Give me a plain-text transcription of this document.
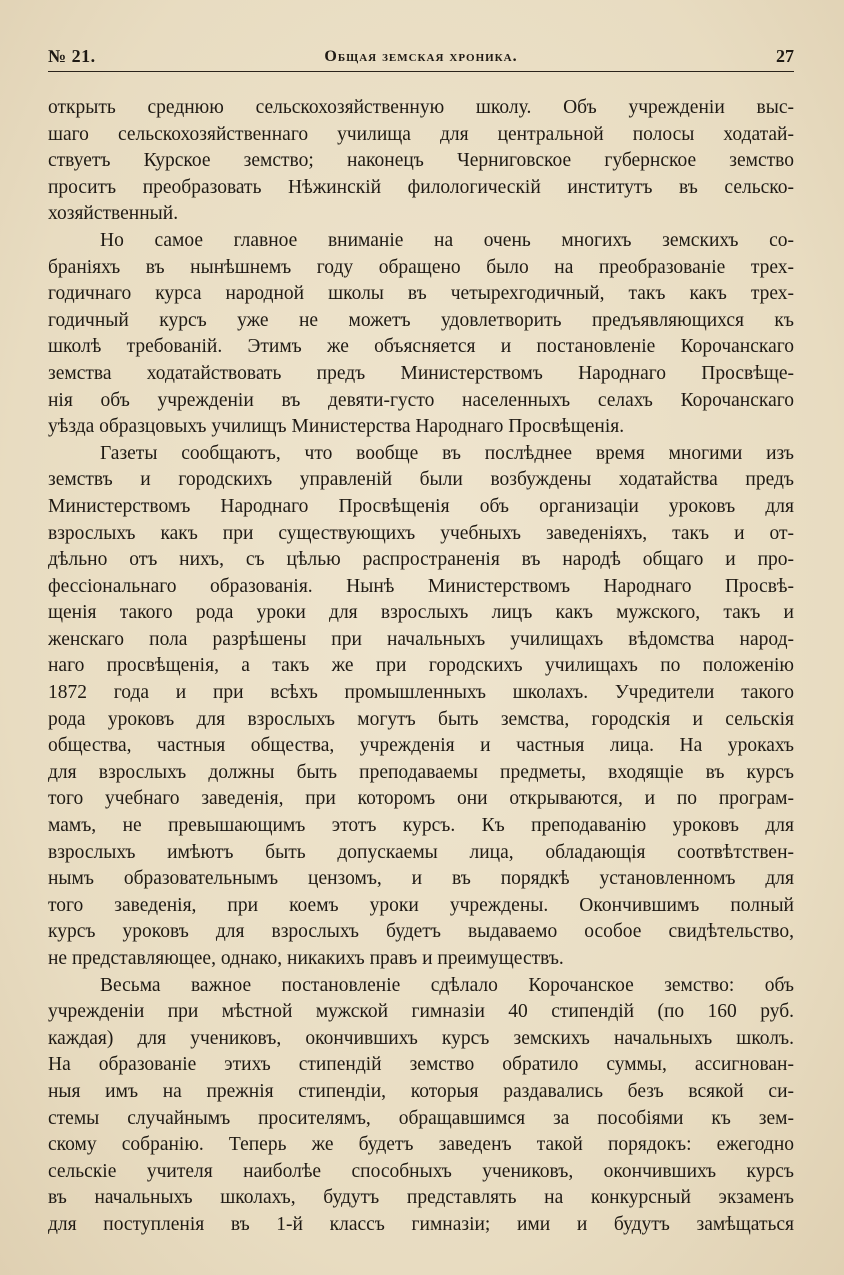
№ 21.	Общая земская хроника.	27
открыть среднюю сельскохозяйственную школу. Объ учрежденіи выс-
шаго сельскохозяйственнаго училища для центральной полосы ходатай-
ствуетъ Курское земство; наконецъ Черниговское губернское земство
проситъ преобразовать Нѣжинскій филологическій институтъ въ сельско-
хозяйственный.
Но самое главное вниманіе на очень многихъ земскихъ со-
браніяхъ въ нынѣшнемъ году обращено было на преобразованіе трех-
годичнаго курса народной школы въ четырехгодичный, такъ какъ трех-
годичный курсъ уже не можетъ удовлетворить предъявляющихся къ
школѣ требованій. Этимъ же объясняется и постановленіе Корочанскаго
земства ходатайствовать предъ Министерствомъ Народнаго Просвѣще-
нія объ учрежденіи въ девяти-густо населенныхъ селахъ Корочанскаго
уѣзда образцовыхъ училищъ Министерства Народнаго Просвѣщенія.
Газеты сообщаютъ, что вообще въ послѣднее время многими изъ
земствъ и городскихъ управленій были возбуждены ходатайства предъ
Министерствомъ Народнаго Просвѣщенія объ организаціи уроковъ для
взрослыхъ какъ при существующихъ учебныхъ заведеніяхъ, такъ и от-
дѣльно отъ нихъ, съ цѣлью распространенія въ народѣ общаго и про-
фессіональнаго образованія. Нынѣ Министерствомъ Народнаго Просвѣ-
щенія такого рода уроки для взрослыхъ лицъ какъ мужского, такъ и
женскаго пола разрѣшены при начальныхъ училищахъ вѣдомства народ-
наго просвѣщенія, а такъ же при городскихъ училищахъ по положенію
1872 года и при всѣхъ промышленныхъ школахъ. Учредители такого
рода уроковъ для взрослыхъ могутъ быть земства, городскія и сельскія
общества, частныя общества, учрежденія и частныя лица. На урокахъ
для взрослыхъ должны быть преподаваемы предметы, входящіе въ курсъ
того учебнаго заведенія, при которомъ они открываются, и по програм-
мамъ, не превышающимъ этотъ курсъ. Къ преподаванію уроковъ для
взрослыхъ имѣютъ быть допускаемы лица, обладающія соотвѣтствен-
нымъ образовательнымъ цензомъ, и въ порядкѣ установленномъ для
того заведенія, при коемъ уроки учреждены. Окончившимъ полный
курсъ уроковъ для взрослыхъ будетъ выдаваемо особое свидѣтельство,
не представляющее, однако, никакихъ правъ и преимуществъ.
Весьма важное постановленіе сдѣлало Корочанское земство: объ
учрежденіи при мѣстной мужской гимназіи 40 стипендій (по 160 руб.
каждая) для учениковъ, окончившихъ курсъ земскихъ начальныхъ школъ.
На образованіе этихъ стипендій земство обратило суммы, ассигнован-
ныя имъ на прежнія стипендіи, которыя раздавались безъ всякой си-
стемы случайнымъ просителямъ, обращавшимся за пособіями къ зем-
скому собранію. Теперь же будетъ заведенъ такой порядокъ: ежегодно
сельскіе учителя наиболѣе способныхъ учениковъ, окончившихъ курсъ
въ начальныхъ школахъ, будутъ представлять на конкурсный экзаменъ
для поступленія въ 1-й классъ гимназіи; ими и будутъ замѣщаться
